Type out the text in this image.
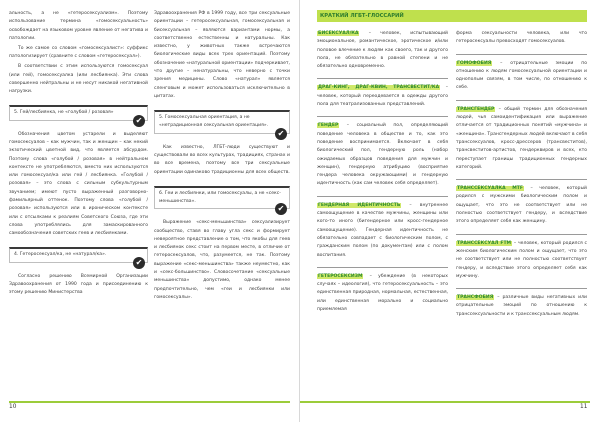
альность, а не «гетеросексуализм». Поэтому использование термина «гомосексуальность» освобождает на языковом уровне явление от негатива и патологии.

То же самое со словом «гомосексуалист»: суффикс патологизирует (сравните с словом «гетеросексуал»).

В соответствии с этим используются гомосексуал (или гей), гомосексуалка (или лесбиянка). Эти слова совершенно нейтральны и не несут никакой негативной нагрузки.

5. Гей/лесбиянка, не «голубой / розовая»
✔

Обозначения цветом устарели и выделяют гомосексуалов – как мужчин, так и женщин – как некий экзотический цветной вид, что является абсурдом. Поэтому слова «голубой / розовая» в нейтральном контексте не употребляются, вместо них используются или гомосексуал/ка или гей / лесбиянка. «Голубой / розовая» – это слова с сильным субкультурным звучанием; имеют пусто выраженный разговорно-фамильярный оттенок. Поэтому слова «голубой / розовая» используются или в ироническом контексте или с отсылками к реалиям Советского Союза, где эти слова употреблялись для замаскированного самообозначения советских геев и лесбиянками.

4. Гетеросексуал/ка, не «натурал/ка».
✔

Согласно решению Всемирной Организации Здравоохранения от 1990 года и присоединению к этому решению Министерства

Здравоохранения РФ в 1999 году, все три сексуальные ориентации – гетеросексуальная, гомосексуальная и бисексуальная – являются вариантами нормы, а соответственно естественны и натуральны. Как известно, у животных также встречаются биологические виды всех трех ориентаций. Поэтому обозначение «натуральной ориентации» подчеркивает, что другие – ненатуральны, что неверно с точки зрения медицины. Слово «натурал» является сленговым и может использоваться исключительно в цитатах.

5. Гомосексуальная ориентация, а не «нетрадиционная сексуальная ориентация».
✔

Как известно, ЛГБТ-люди существуют и существовали во всех культурах, традициях, странах и во все времена, поэтому все три сексуальные ориентации одинаково традиционны для всех обществ.

6. Геи и лесбиянки, или гомосексуалы, а не «секс-меньшинства».
✔

Выражение «секс-меньшинства» сексуализирует сообщество, ставя во главу угла секс и формирует невероятное представление о том, что якобы для геев и лесбиянок секс стоит на первом месте, в отличие от гетеросексуалов, что, разумеется, не так. Поэтому выражение «секс-меньшинства» также неуместно, как и «секс-большинство». Словосочетание «сексуальные меньшинства» допустимо, однако менее предпочтительно, чем «геи и лесбиянки или гомосексуалы».

10
КРАТКИЙ ЛГБТ-ГЛОССАРИЙ
БИСЕКСУАЛ/КА – человек, испытывающий эмоциональное, романтическое, эротическое и/или половое влечение к людям как своего, так и другого пола, не обязательно в равной степени и не обязательно одновременно.
ДРАГ-КИНГ, ДРАГ-КВИН, ТРАНСВЕСТИТ/КА – человек, который переодевается в одежды другого пола для театрализованных представлений.
ГЕНДЕР – социальный пол, определяющий поведение человека в обществе и то, как это поведение воспринимается. Включает в себя биологический пол, гендерную роль (набор ожидаемых образцов поведения для мужчин и женщин), гендерную атрибуцию (восприятие гендера человека окружающими) и гендерную идентичность (как сам человек себя определяет).
ГЕНДЕРНАЯ ИДЕНТИЧНОСТЬ – внутреннее самоощущение в качестве мужчины, женщины или кого-то иного (бигендерное или кросс-гендерное самоощущение). Гендерная идентичность не обязательно совпадает с биологическим полом, с гражданским полом (по документам) или с полом воспитания.
ГЕТЕРОСЕКСИЗМ – убеждение (в некоторых случаях – идеология), что гетеросексуальность – это единственная природная, нормальная, естественная, или единственная морально и социально приемлемая
форма сексуальности человека, или что гетеросексуалы превосходят гомосексуалов.
ГОМОФОБИЯ – отрицательные эмоции по отношению к людям гомосексуальной ориентации и однополым связям, в том числе, по отношению к себе.
ТРАНСГЕНДЕР – общий термин для обозначения людей, чья самоидентификация или выражение отличается от традиционных понятий «мужчина» и «женщина». Трансгендерных людей включают в себя транссексуалов, кросс-дрессеров (трансвеститов), трансвеститов-артистов, гендерквиров и всех, кто переступает границы традиционных гендерных категорий.
ТРАНССЕКСУАЛКА МТF – человек, который родился с мужскими биологическим полом и ощущает, что это не соответствует или не полностью соответствует гендеру, и вследствие этого определяет себя как женщину.
ТРАНССЕКСУАЛ FТМ – человек, который родился с женским биологическим полом и ощущает, что это не соответствует или не полностью соответствует гендеру, и вследствие этого определяет себя как мужчину.
ТРАНСФОБИЯ – различные виды негативных или отрицательные эмоций по отношению к транссексуальности и к транссексуальным людям.
11
